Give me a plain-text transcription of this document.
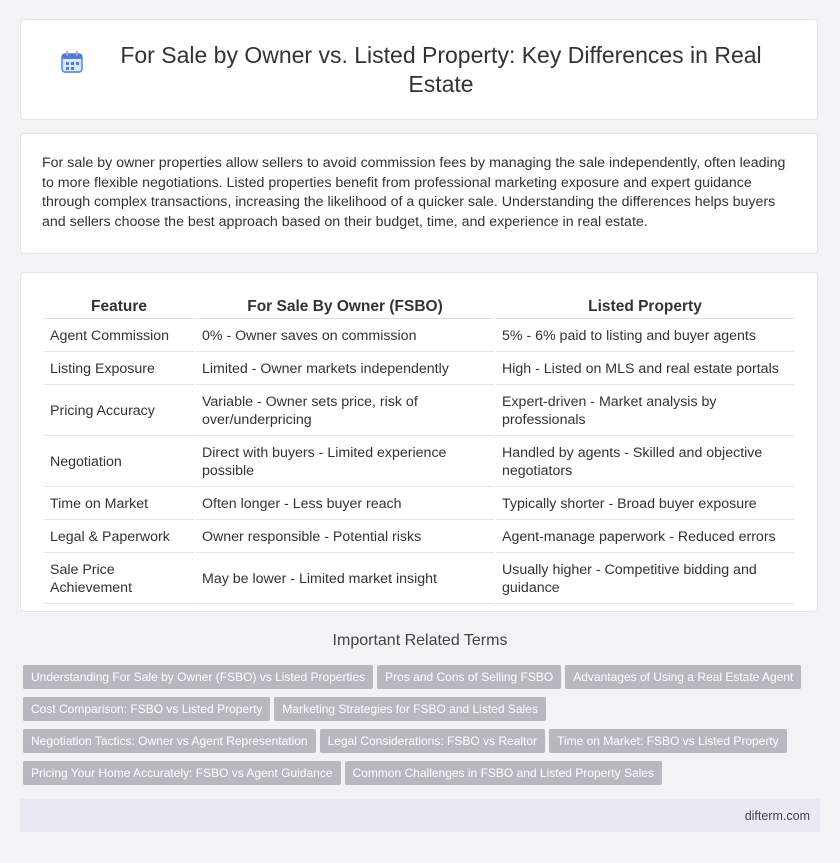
For Sale by Owner vs. Listed Property: Key Differences in Real Estate

For sale by owner properties allow sellers to avoid commission fees by managing the sale independently, often leading to more flexible negotiations. Listed properties benefit from professional marketing exposure and expert guidance through complex transactions, increasing the likelihood of a quicker sale. Understanding the differences helps buyers and sellers choose the best approach based on their budget, time, and experience in real estate.

Feature	For Sale By Owner (FSBO)	Listed Property
Agent Commission	0% - Owner saves on commission	5% - 6% paid to listing and buyer agents
Listing Exposure	Limited - Owner markets independently	High - Listed on MLS and real estate portals
Pricing Accuracy	Variable - Owner sets price, risk of over/underpricing	Expert-driven - Market analysis by professionals
Negotiation	Direct with buyers - Limited experience possible	Handled by agents - Skilled and objective negotiators
Time on Market	Often longer - Less buyer reach	Typically shorter - Broad buyer exposure
Legal & Paperwork	Owner responsible - Potential risks	Agent-manage paperwork - Reduced errors
Sale Price Achievement	May be lower - Limited market insight	Usually higher - Competitive bidding and guidance
Important Related Terms
Understanding For Sale by Owner (FSBO) vs Listed Properties Pros and Cons of Selling FSBO Advantages of Using a Real Estate AgentCost Comparison: FSBO vs Listed Property Marketing Strategies for FSBO and Listed SalesNegotiation Tactics: Owner vs Agent Representation Legal Considerations: FSBO vs Realtor Time on Market: FSBO vs Listed PropertyPricing Your Home Accurately: FSBO vs Agent Guidance Common Challenges in FSBO and Listed Property Sales
difterm.com
